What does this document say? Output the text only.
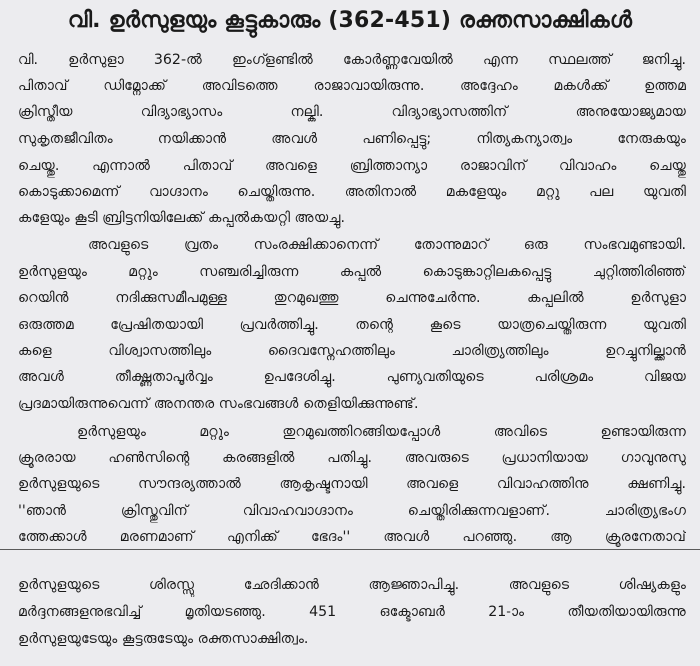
വി. ഉർസുളയും കൂട്ടുകാരും (362-451) രക്തസാക്ഷികൾ
വി. ഉർസുളാ 362-ൽ ഇംഗ്ളണ്ടിൽ കോർണ്ണവേയിൽ എന്ന സ്ഥലത്ത് ജനിച്ചു.
പിതാവ് ഡിമ്നോക്ക് അവിടത്തെ രാജാവായിരുന്നു. അദ്ദേഹം മകൾക്ക് ഉത്തമ
ക്രിസ്തീയ വിദ്യാഭ്യാസം നല്കി. വിദ്യാഭ്യാസത്തിന് അനുയോജ്യമായ
സുകൃതജീവിതം നയിക്കാൻ അവൾ പണിപ്പെട്ടു; നിത്യകന്യാത്വം നേരുകയും
ചെയ്തു. എന്നാൽ പിതാവ് അവളെ ബ്രിത്താന്യാ രാജാവിന് വിവാഹം ചെയ്തു
കൊടുക്കാമെന്ന് വാഗ്ദാനം ചെയ്തിരുന്നു. അതിനാൽ മകളേയും മറ്റു പല യുവതി
കളേയും കൂടി ബ്രിട്ടനിയിലേക്ക് കപ്പൽകയറ്റി അയച്ചു.
അവളുടെ വ്രതം സംരക്ഷിക്കാനെന്ന് തോന്നുമാറ് ഒരു സംഭവമുണ്ടായി.
ഉർസുളയും മറ്റും സഞ്ചരിച്ചിരുന്ന കപ്പൽ കൊടുങ്കാറ്റിലകപ്പെട്ടു ചുറ്റിത്തിരിഞ്ഞ്
റെയിൻ നദിക്കുസമീപമുള്ള തുറമുഖത്തു ചെന്നുചേർന്നു. കപ്പലിൽ ഉർസുളാ
ഒരുത്തമ പ്രേഷിതയായി പ്രവർത്തിച്ചു. തന്റെ കൂടെ യാത്രചെയ്തിരുന്ന യുവതി
കളെ വിശ്വാസത്തിലും ദൈവസ്നേഹത്തിലും ചാരിത്ര്യത്തിലും ഉറച്ചുനില്ക്കാൻ
അവൾ തീക്ഷ്ണതാപൂർവ്വം ഉപദേശിച്ചു. പുണ്യവതിയുടെ പരിശ്രമം വിജയ
പ്രദമായിരുന്നുവെന്ന് അനന്തര സംഭവങ്ങൾ തെളിയിക്കുന്നുണ്ട്.
ഉർസുളയും മറ്റും തുറമുഖത്തിറങ്ങിയപ്പോൾ അവിടെ ഉണ്ടായിരുന്ന
ക്രൂരരായ ഹൺസിന്റെ കരങ്ങളിൽ പതിച്ചു. അവരുടെ പ്രധാനിയായ ഗാവുനുസു
ഉർസുളയുടെ സൗന്ദര്യത്താൽ ആകൃഷ്ടനായി അവളെ വിവാഹത്തിനു ക്ഷണിച്ചു.
''ഞാൻ ക്രിസ്തുവിന് വിവാഹവാഗ്ദാനം ചെയ്തിരിക്കുന്നവളാണ്. ചാരിത്ര്യഭംഗ
ത്തേക്കാൾ മരണമാണ് എനിക്ക് ഭേദം'' അവൾ പറഞ്ഞു. ആ ക്രൂരനേതാവ്
ഉർസുളയുടെ ശിരസ്സു ഛേദിക്കാൻ ആജ്ഞാപിച്ചു. അവളുടെ ശിഷ്യകളും
മർദ്ദനങ്ങളനുഭവിച്ച് മൃതിയടഞ്ഞു. 451 ഒക്ടോബർ 21-ാം തീയതിയായിരുന്നു
ഉർസുളയുടേയും കൂട്ടരുടേയും രക്തസാക്ഷിത്വം.
